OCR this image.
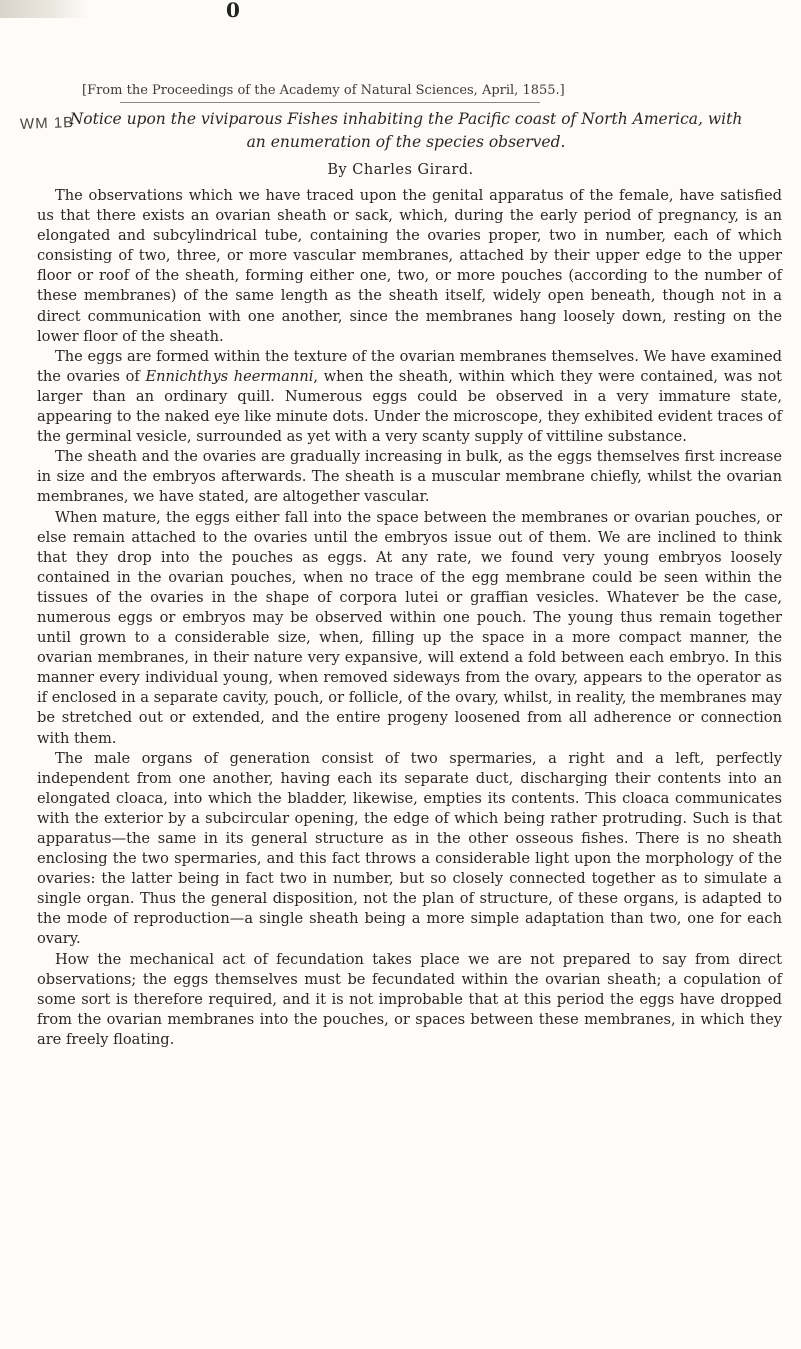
0
WM 1B
[From the Proceedings of the Academy of Natural Sciences, April, 1855.]
Notice upon the viviparous Fishes inhabiting the Pacific coast of North America, with
an enumeration of the species observed.
By Charles Girard.

The observations which we have traced upon the genital apparatus of the female, have satisfied us that there exists an ovarian sheath or sack, which, during the early period of pregnancy, is an elongated and subcylindrical tube, containing the ovaries proper, two in number, each of which consisting of two, three, or more vascular membranes, attached by their upper edge to the upper floor or roof of the sheath, forming either one, two, or more pouches (according to the number of these membranes) of the same length as the sheath itself, widely open beneath, though not in a direct communication with one another, since the membranes hang loosely down, resting on the lower floor of the sheath.

The eggs are formed within the texture of the ovarian membranes themselves. We have examined the ovaries of Ennichthys heermanni, when the sheath, within which they were contained, was not larger than an ordinary quill. Numerous eggs could be observed in a very immature state, appearing to the naked eye like minute dots. Under the microscope, they exhibited evident traces of the germinal vesicle, surrounded as yet with a very scanty supply of vittiline substance.

The sheath and the ovaries are gradually increasing in bulk, as the eggs themselves first increase in size and the embryos afterwards. The sheath is a muscular membrane chiefly, whilst the ovarian membranes, we have stated, are altogether vascular.

When mature, the eggs either fall into the space between the membranes or ovarian pouches, or else remain attached to the ovaries until the embryos issue out of them. We are inclined to think that they drop into the pouches as eggs. At any rate, we found very young embryos loosely contained in the ovarian pouches, when no trace of the egg membrane could be seen within the tissues of the ovaries in the shape of corpora lutei or graffian vesicles. Whatever be the case, numerous eggs or embryos may be observed within one pouch. The young thus remain together until grown to a considerable size, when, filling up the space in a more compact manner, the ovarian membranes, in their nature very expansive, will extend a fold between each embryo. In this manner every individual young, when removed sideways from the ovary, appears to the operator as if enclosed in a separate cavity, pouch, or follicle, of the ovary, whilst, in reality, the membranes may be stretched out or extended, and the entire progeny loosened from all adherence or connection with them.

The male organs of generation consist of two spermaries, a right and a left, perfectly independent from one another, having each its separate duct, discharging their contents into an elongated cloaca, into which the bladder, likewise, empties its contents. This cloaca communicates with the exterior by a subcircular opening, the edge of which being rather protruding. Such is that apparatus—the same in its general structure as in the other osseous fishes. There is no sheath enclosing the two spermaries, and this fact throws a considerable light upon the morphology of the ovaries: the latter being in fact two in number, but so closely connected together as to simulate a single organ. Thus the general disposition, not the plan of structure, of these organs, is adapted to the mode of reproduction—a single sheath being a more simple adaptation than two, one for each ovary.

How the mechanical act of fecundation takes place we are not prepared to say from direct observations; the eggs themselves must be fecundated within the ovarian sheath; a copulation of some sort is therefore required, and it is not improbable that at this period the eggs have dropped from the ovarian membranes into the pouches, or spaces between these membranes, in which they are freely floating.
